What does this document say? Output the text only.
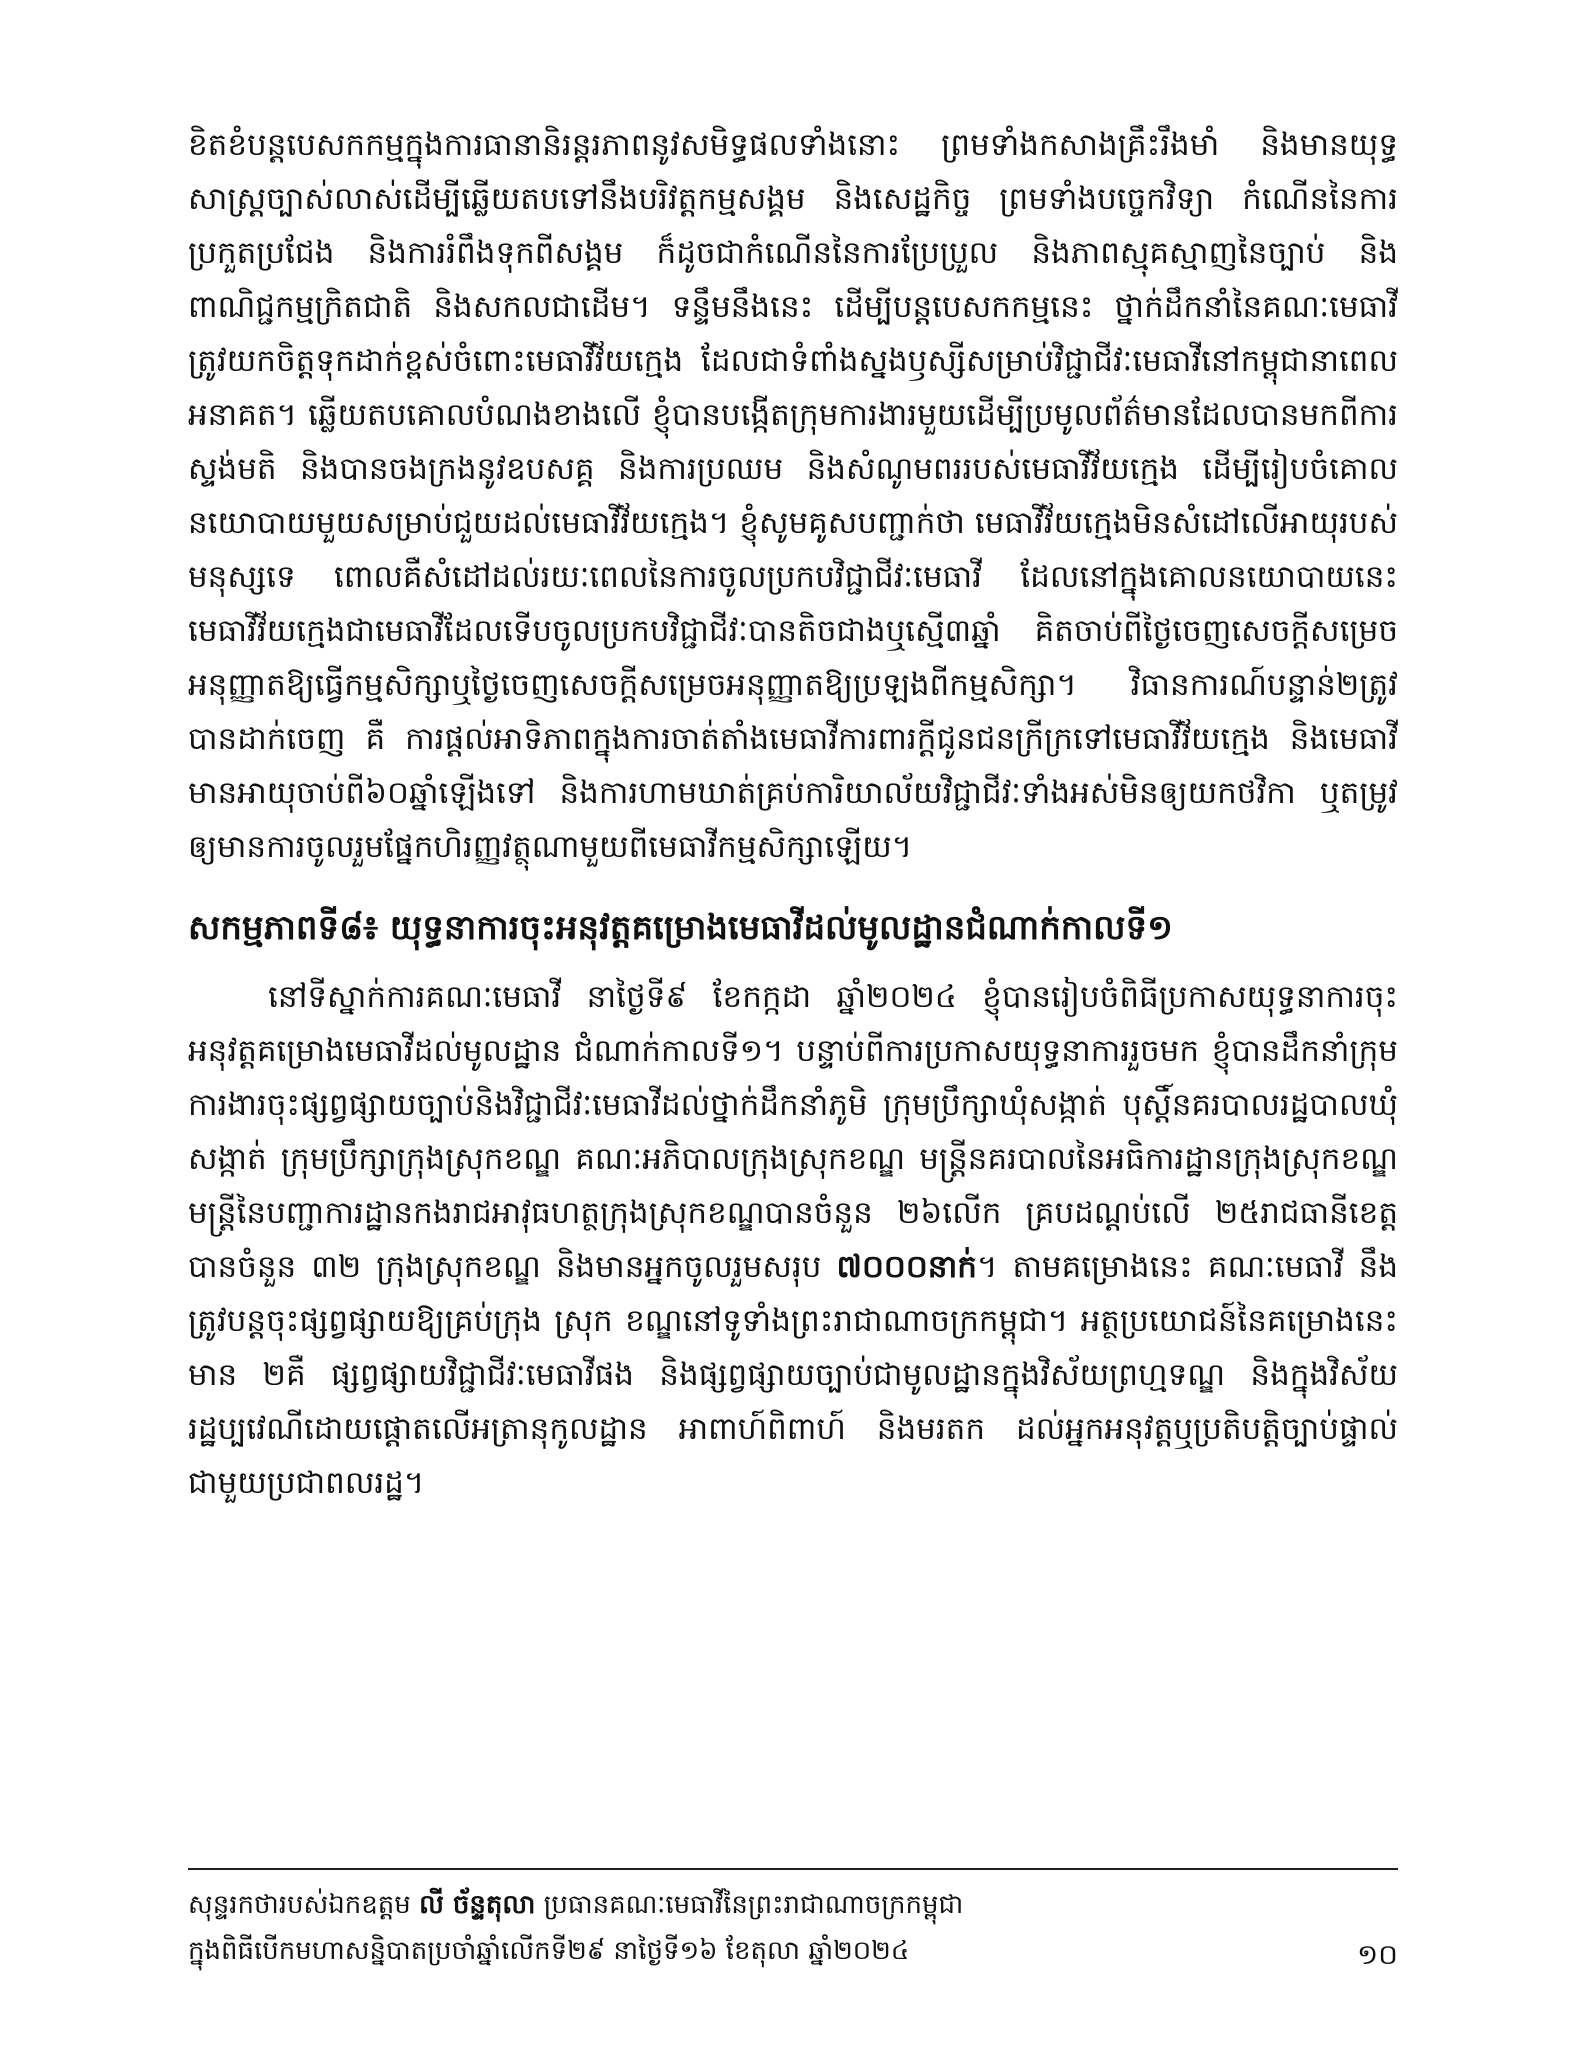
ខិតខំបន្តបេសកកម្មក្នុងការធានានិរន្តរភាពនូវសមិទ្ធផលទាំងនោះ ព្រមទាំងកសាងគ្រឹះរឹងមាំ និងមានយុទ្ធសាស្ត្រច្បាស់លាស់ដើម្បីឆ្លើយតបទៅនឹងបរិវត្តកម្មសង្គម និងសេដ្ឋកិច្ច ព្រមទាំងបច្ចេកវិទ្យា កំណើននៃការប្រកួតប្រជែង និងការរំពឹងទុកពីសង្គម ក៏ដូចជាកំណើននៃការប្រែប្រួល និងភាពស្មុគស្មាញនៃច្បាប់ និងពាណិជ្ជកម្មក្រិតជាតិ និងសកលជាដើម។ ទន្ទឹមនឹងនេះ ដើម្បីបន្តបេសកកម្មនេះ ថ្នាក់ដឹកនាំនៃគណៈមេធាវីត្រូវយកចិត្តទុកដាក់ខ្ពស់ចំពោះមេធាវីវ័យក្មេង ដែលជាទំពាំងស្នងឫស្សីសម្រាប់វិជ្ជាជីវៈមេធាវីនៅកម្ពុជានាពេលអនាគត។ ឆ្លើយតបគោលបំណងខាងលើ ខ្ញុំបានបង្កើតក្រុមការងារមួយដើម្បីប្រមូលព័ត៌មានដែលបានមកពីការស្ទង់មតិ និងបានចងក្រងនូវឧបសគ្គ និងការប្រឈម និងសំណូមពររបស់មេធាវីវ័យក្មេង ដើម្បីរៀបចំគោលនយោបាយមួយសម្រាប់ជួយដល់មេធាវីវ័យក្មេង។ ខ្ញុំសូមគូសបញ្ជាក់ថា មេធាវីវ័យក្មេងមិនសំដៅលើអាយុរបស់មនុស្សទេ ពោលគឺសំដៅដល់រយៈពេលនៃការចូលប្រកបវិជ្ជាជីវៈមេធាវី ដែលនៅក្នុងគោលនយោបាយនេះ មេធាវីវ័យក្មេងជាមេធាវីដែលទើបចូលប្រកបវិជ្ជាជីវៈបានតិចជាងឬស្មើ៣ឆ្នាំ គិតចាប់ពីថ្ងៃចេញសេចក្តីសម្រេចអនុញ្ញាតឱ្យធ្វើកម្មសិក្សាឬថ្ងៃចេញសេចក្តីសម្រេចអនុញ្ញាតឱ្យប្រឡងពីកម្មសិក្សា។ វិធានការណ៍បន្ទាន់២ត្រូវបានដាក់ចេញ គឺ ការផ្តល់អាទិភាពក្នុងការចាត់តាំងមេធាវីការពារក្តីជូនជនក្រីក្រទៅមេធាវីវ័យក្មេង និងមេធាវីមានអាយុចាប់ពី៦០ឆ្នាំឡើងទៅ និងការហាមឃាត់គ្រប់ការិយាល័យវិជ្ជាជីវៈទាំងអស់មិនឲ្យយកថវិកា ឬតម្រូវឲ្យមានការចូលរួមផ្នែកហិរញ្ញវត្ថុណាមួយពីមេធាវីកម្មសិក្សាឡើយ។

សកម្មភាពទី៨៖ យុទ្ធនាការចុះអនុវត្តគម្រោងមេធាវីដល់មូលដ្ឋានជំណាក់កាលទី១

នៅទីស្នាក់ការគណៈមេធាវី នាថ្ងៃទី៩ ខែកក្កដា ឆ្នាំ២០២៤ ខ្ញុំបានរៀបចំពិធីប្រកាសយុទ្ធនាការចុះអនុវត្តគម្រោងមេធាវីដល់មូលដ្ឋាន ជំណាក់កាលទី១។ បន្ទាប់ពីការប្រកាសយុទ្ធនាការរួចមក ខ្ញុំបានដឹកនាំក្រុមការងារចុះផ្សព្វផ្សាយច្បាប់និងវិជ្ជាជីវៈមេធាវីដល់ថ្នាក់ដឹកនាំភូមិ ក្រុមប្រឹក្សាឃុំសង្កាត់ បុស្តិ៍នគរបាលរដ្ឋបាលឃុំសង្កាត់ ក្រុមប្រឹក្សាក្រុងស្រុកខណ្ឌ គណៈអភិបាលក្រុងស្រុកខណ្ឌ មន្ត្រីនគរបាលនៃអធិការដ្ឋានក្រុងស្រុកខណ្ឌ មន្ត្រីនៃបញ្ជាការដ្ឋានកងរាជអាវុធហត្ថក្រុងស្រុកខណ្ឌបានចំនួន ២៦លើក គ្របដណ្តប់លើ ២៥រាជធានីខេត្ត បានចំនួន ៣២ ក្រុងស្រុកខណ្ឌ និងមានអ្នកចូលរួមសរុប ៧០០០នាក់។ តាមគម្រោងនេះ គណៈមេធាវី នឹងត្រូវបន្តចុះផ្សព្វផ្សាយឱ្យគ្រប់ក្រុង ស្រុក ខណ្ឌនៅទូទាំងព្រះរាជាណាចក្រកម្ពុជា។ អត្ថប្រយោជន៍នៃគម្រោងនេះមាន ២គឺ ផ្សព្វផ្សាយវិជ្ជាជីវៈមេធាវីផង និងផ្សព្វផ្សាយច្បាប់ជាមូលដ្ឋានក្នុងវិស័យព្រហ្មទណ្ឌ និងក្នុងវិស័យរដ្ឋប្បវេណីដោយផ្តោតលើអត្រានុកូលដ្ឋាន អាពាហ៍ពិពាហ៍ និងមរតក ដល់អ្នកអនុវត្តឬប្រតិបត្តិច្បាប់ផ្ទាល់ជាមួយប្រជាពលរដ្ឋ។

សុន្ទរកថារបស់ឯកឧត្តម លី ច័ន្ទតុលា ប្រធានគណៈមេធាវីនៃព្រះរាជាណាចក្រកម្ពុជា

ក្នុងពិធីបើកមហាសន្និបាតប្រចាំឆ្នាំលើកទី២៩ នាថ្ងៃទី១៦ ខែតុលា ឆ្នាំ២០២៤	១០
